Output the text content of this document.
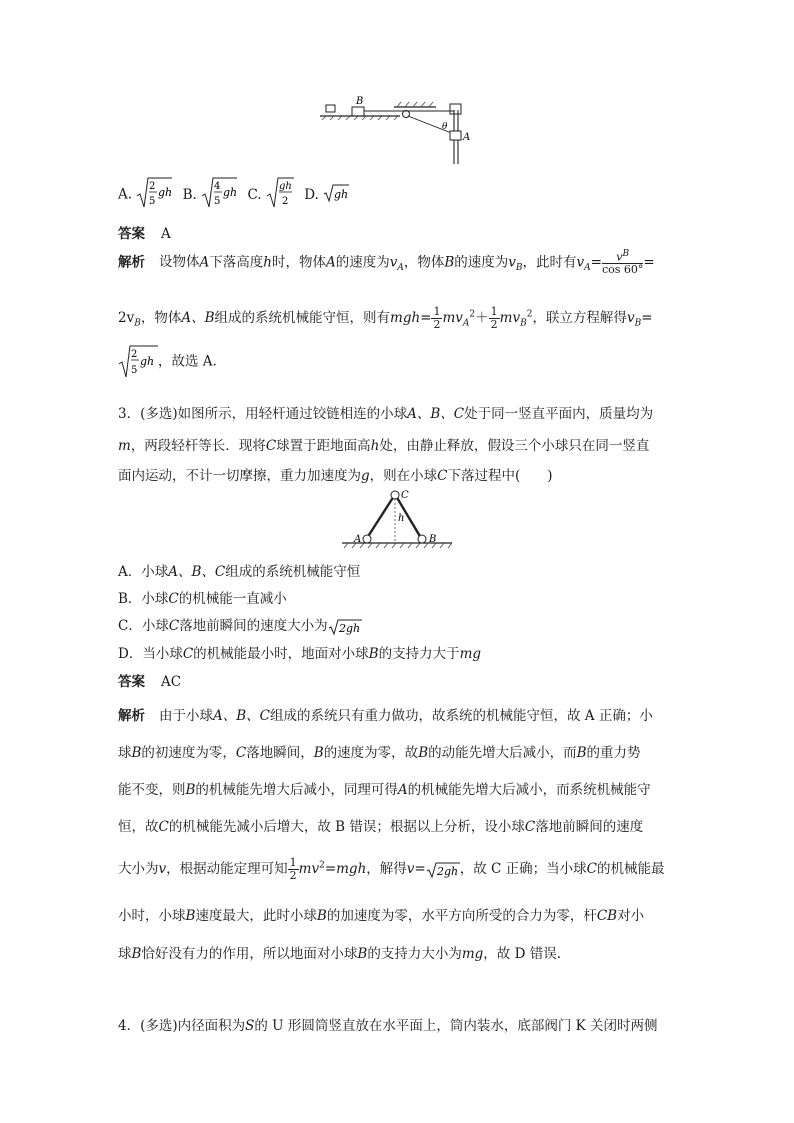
B
A
θ
A. 2
5
gh B. 4
5
gh C. gh
2 D. gh
答案 A
解析 设物体A下落高度h时，物体A的速度为$v_A$，物体B的速度为$v_B$，此时有$v_A= \frac{v^B}{\cos 60^\circ}$ =
$2v_B$，物体A、B组成的系统机械能守恒，则有$mgh= \frac{1}{2} mv_A^2+ \frac{1}{2} mv_B^2$，联立方程解得$v_B=$
2
5
gh ，故选 A.
3．(多选)如图所示，用轻杆通过铰链相连的小球A、B、C处于同一竖直平面内，质量均为
m，两段轻杆等长．现将C球置于距地面高h处，由静止释放，假设三个小球只在同一竖直
面内运动，不计一切摩擦，重力加速度为g，则在小球C下落过程中(　　)
C
h
A	B
A．小球A、B、C组成的系统机械能守恒
B．小球C的机械能一直减小
C．小球C落地前瞬间的速度大小为 2gh
D．当小球C的机械能最小时，地面对小球B的支持力大于mg
答案 AC
解析 由于小球A、B、C组成的系统只有重力做功，故系统的机械能守恒，故 A 正确；小
球B的初速度为零，C落地瞬间，B的速度为零，故B的动能先增大后减小，而B的重力势
能不变，则B的机械能先增大后减小，同理可得A的机械能先增大后减小，而系统机械能守
恒，故C的机械能先减小后增大，故 B 错误；根据以上分析，设小球C落地前瞬间的速度
大小为v，根据动能定理可知 $\frac{1}{2} mv^2=mgh$，解得v= 2gh ，故 C 正确；当小球C的机械能最
小时，小球B速度最大，此时小球B的加速度为零，水平方向所受的合力为零，杆CB对小
球B恰好没有力的作用，所以地面对小球B的支持力大小为mg，故 D 错误.
4．(多选)内径面积为S的 U 形圆筒竖直放在水平面上，筒内装水，底部阀门 K 关闭时两侧
